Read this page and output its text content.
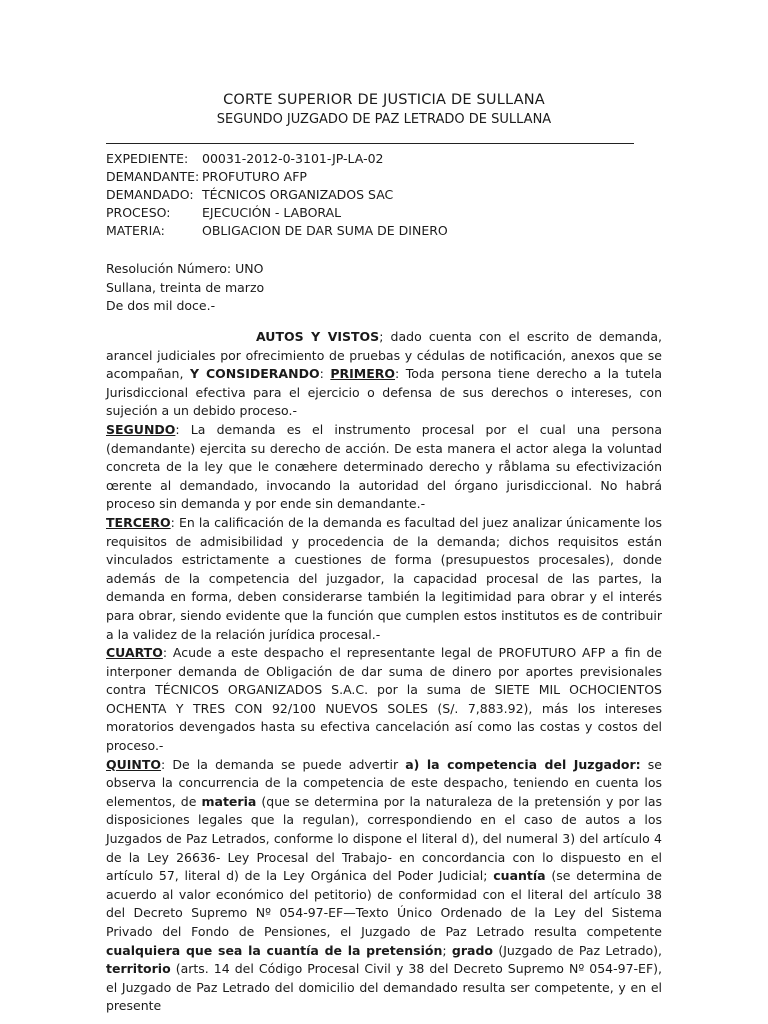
CORTE SUPERIOR DE JUSTICIA DE SULLANA
SEGUNDO JUZGADO DE PAZ LETRADO DE SULLANA
EXPEDIENTE:	00031-2012-0-3101-JP-LA-02
DEMANDANTE: PROFUTURO AFP
DEMANDADO: TÉCNICOS ORGANIZADOS SAC
PROCESO:	EJECUCIÓN - LABORAL
MATERIA:	OBLIGACION DE DAR SUMA DE DINERO
Resolución Número: UNO
Sullana, treinta de marzo
De dos mil doce.-

AUTOS Y VISTOS; dado cuenta con el escrito de demanda, arancel judiciales por ofrecimiento de pruebas y cédulas de notificación, anexos que se acompañan, Y CONSIDERANDO: PRIMERO: Toda persona tiene derecho a la tutela Jurisdiccional efectiva para el ejercicio o defensa de sus derechos o intereses, con sujeción a un debido proceso.-

SEGUNDO: La demanda es el instrumento procesal por el cual una persona (demandante) ejercita su derecho de acción. De esta manera el actor alega la voluntad concreta de la ley que le conæhere determinado derecho y råblama su efectivización œrente al demandado, invocando la autoridad del órgano jurisdiccional. No habrá proceso sin demanda y por ende sin demandante.-

TERCERO: En la calificación de la demanda es facultad del juez analizar únicamente los requisitos de admisibilidad y procedencia de la demanda; dichos requisitos están vinculados estrictamente a cuestiones de forma (presupuestos procesales), donde además de la competencia del juzgador, la capacidad procesal de las partes, la demanda en forma, deben considerarse también la legitimidad para obrar y el interés para obrar, siendo evidente que la función que cumplen estos institutos es de contribuir a la validez de la relación jurídica procesal.-

CUARTO: Acude a este despacho el representante legal de PROFUTURO AFP a fin de interponer demanda de Obligación de dar suma de dinero por aportes previsionales contra TÉCNICOS ORGANIZADOS S.A.C. por la suma de SIETE MIL OCHOCIENTOS OCHENTA Y TRES CON 92/100 NUEVOS SOLES (S/. 7,883.92), más los intereses moratorios devengados hasta su efectiva cancelación así como las costas y costos del proceso.-

QUINTO: De la demanda se puede advertir a) la competencia del Juzgador: se observa la concurrencia de la competencia de este despacho, teniendo en cuenta los elementos, de materia (que se determina por la naturaleza de la pretensión y por las disposiciones legales que la regulan), correspondiendo en el caso de autos a los Juzgados de Paz Letrados, conforme lo dispone el literal d), del numeral 3) del artículo 4 de la Ley 26636- Ley Procesal del Trabajo- en concordancia con lo dispuesto en el artículo 57, literal d) de la Ley Orgánica del Poder Judicial; cuantía (se determina de acuerdo al valor económico del petitorio) de conformidad con el literal del artículo 38 del Decreto Supremo Nº 054-97-EF—Texto Único Ordenado de la Ley del Sistema Privado del Fondo de Pensiones, el Juzgado de Paz Letrado resulta competente cualquiera que sea la cuantía de la pretensión; grado (Juzgado de Paz Letrado), territorio (arts. 14 del Código Procesal Civil y 38 del Decreto Supremo Nº 054-97-EF), el Juzgado de Paz Letrado del domicilio del demandado resulta ser competente, y en el presente
